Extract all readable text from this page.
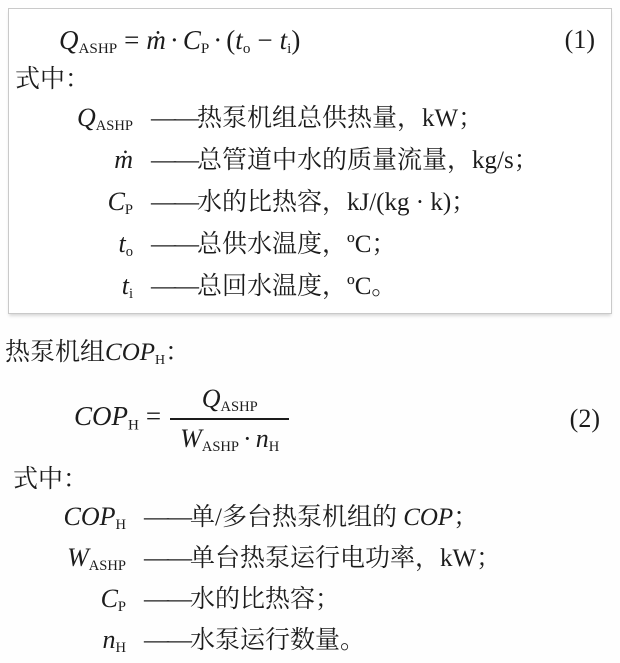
$Q_{ASHP}$ = ṁ · $C_P \cdot (t_o - t_i)$	(1)
式中：
$Q_{ASHP}$ ——热泵机组总供热量，kW；
ṁ ——总管道中水的质量流量，kg/s；
$C_P$ ——水的比热容，kJ/(kg · k)；
$t_o$ ——总供水温度，ºC；
$t_i$ ——总回水温度，ºC。
热泵机组$COP_H$：
$COP_H = \frac{Q_{ASHP}}{W_{ASHP} \cdot n_H}$	(2)
式中：
$COP_H$ ——单/多台热泵机组的 COP；
$W_{ASHP}$ ——单台热泵运行电功率，kW；
$C_P$ ——水的比热容；
$n_H$ ——水泵运行数量。
